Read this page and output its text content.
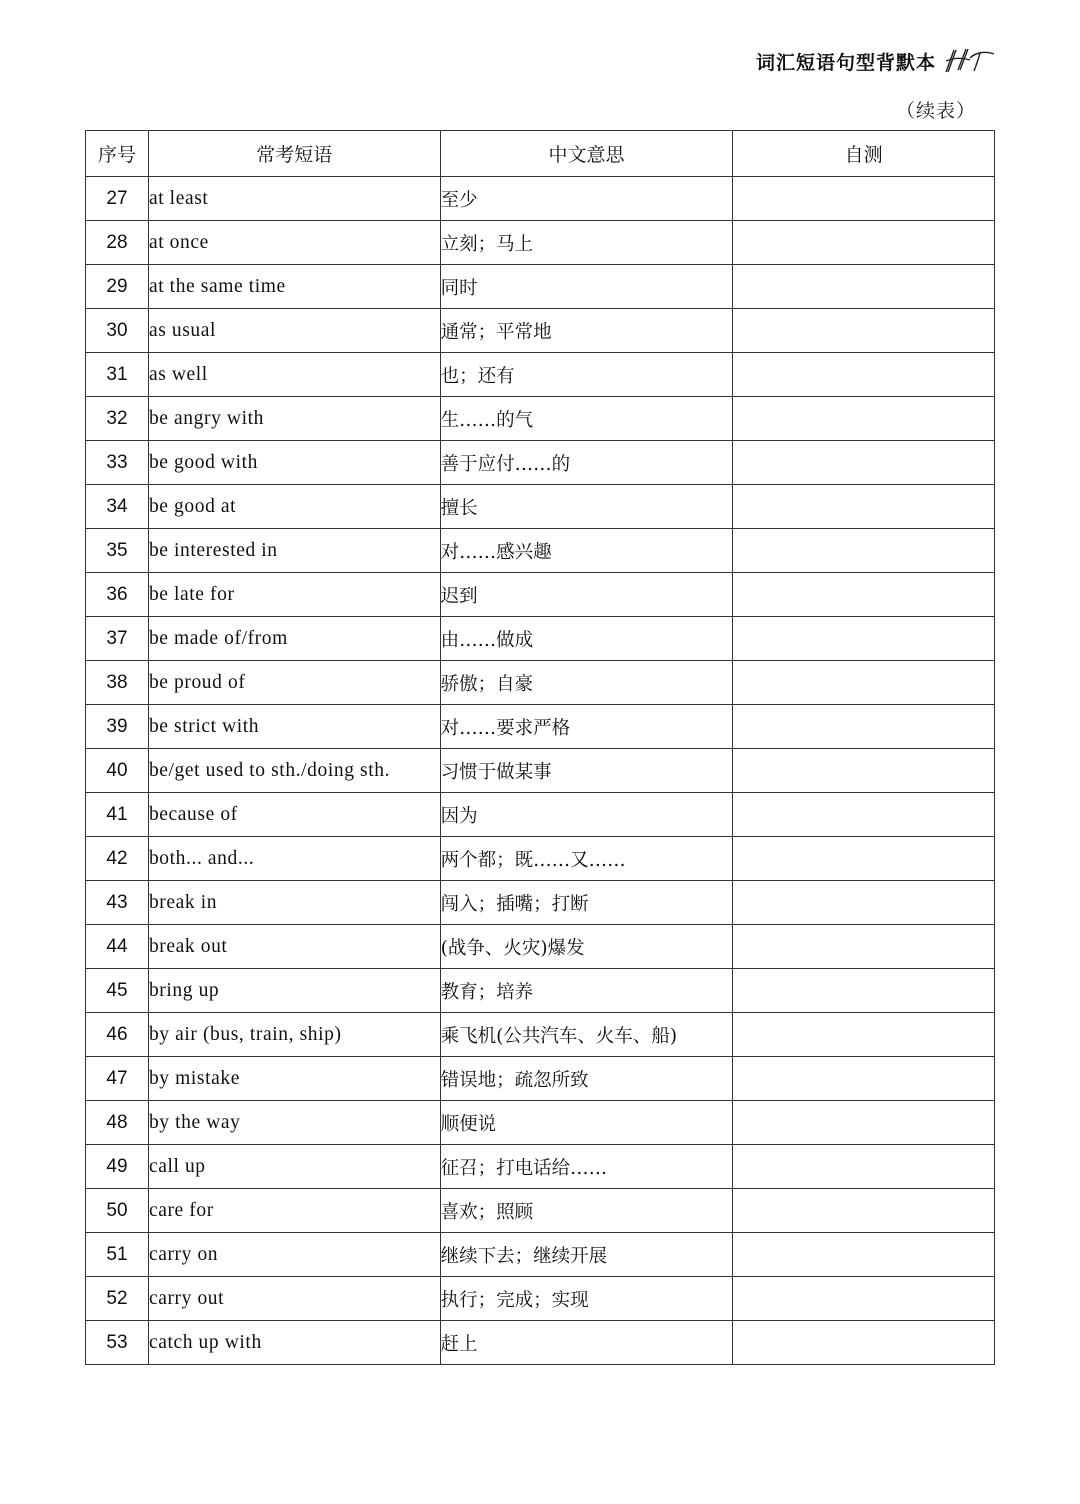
词汇短语句型背默本
（续表）
序号	常考短语	中文意思	自测
27	at least	至少	
28	at once	立刻；马上	
29	at the same time	同时	
30	as usual	通常；平常地	
31	as well	也；还有	
32	be angry with	生……的气	
33	be good with	善于应付……的	
34	be good at	擅长	
35	be interested in	对……感兴趣	
36	be late for	迟到	
37	be made of/from	由……做成	
38	be proud of	骄傲；自豪	
39	be strict with	对……要求严格	
40	be/get used to sth./doing sth.	习惯于做某事	
41	because of	因为	
42	both... and...	两个都；既……又……	
43	break in	闯入；插嘴；打断	
44	break out	(战争、火灾)爆发	
45	bring up	教育；培养	
46	by air (bus, train, ship)	乘飞机(公共汽车、火车、船)	
47	by mistake	错误地；疏忽所致	
48	by the way	顺便说	
49	call up	征召；打电话给……	
50	care for	喜欢；照顾	
51	carry on	继续下去；继续开展	
52	carry out	执行；完成；实现	
53	catch up with	赶上	
